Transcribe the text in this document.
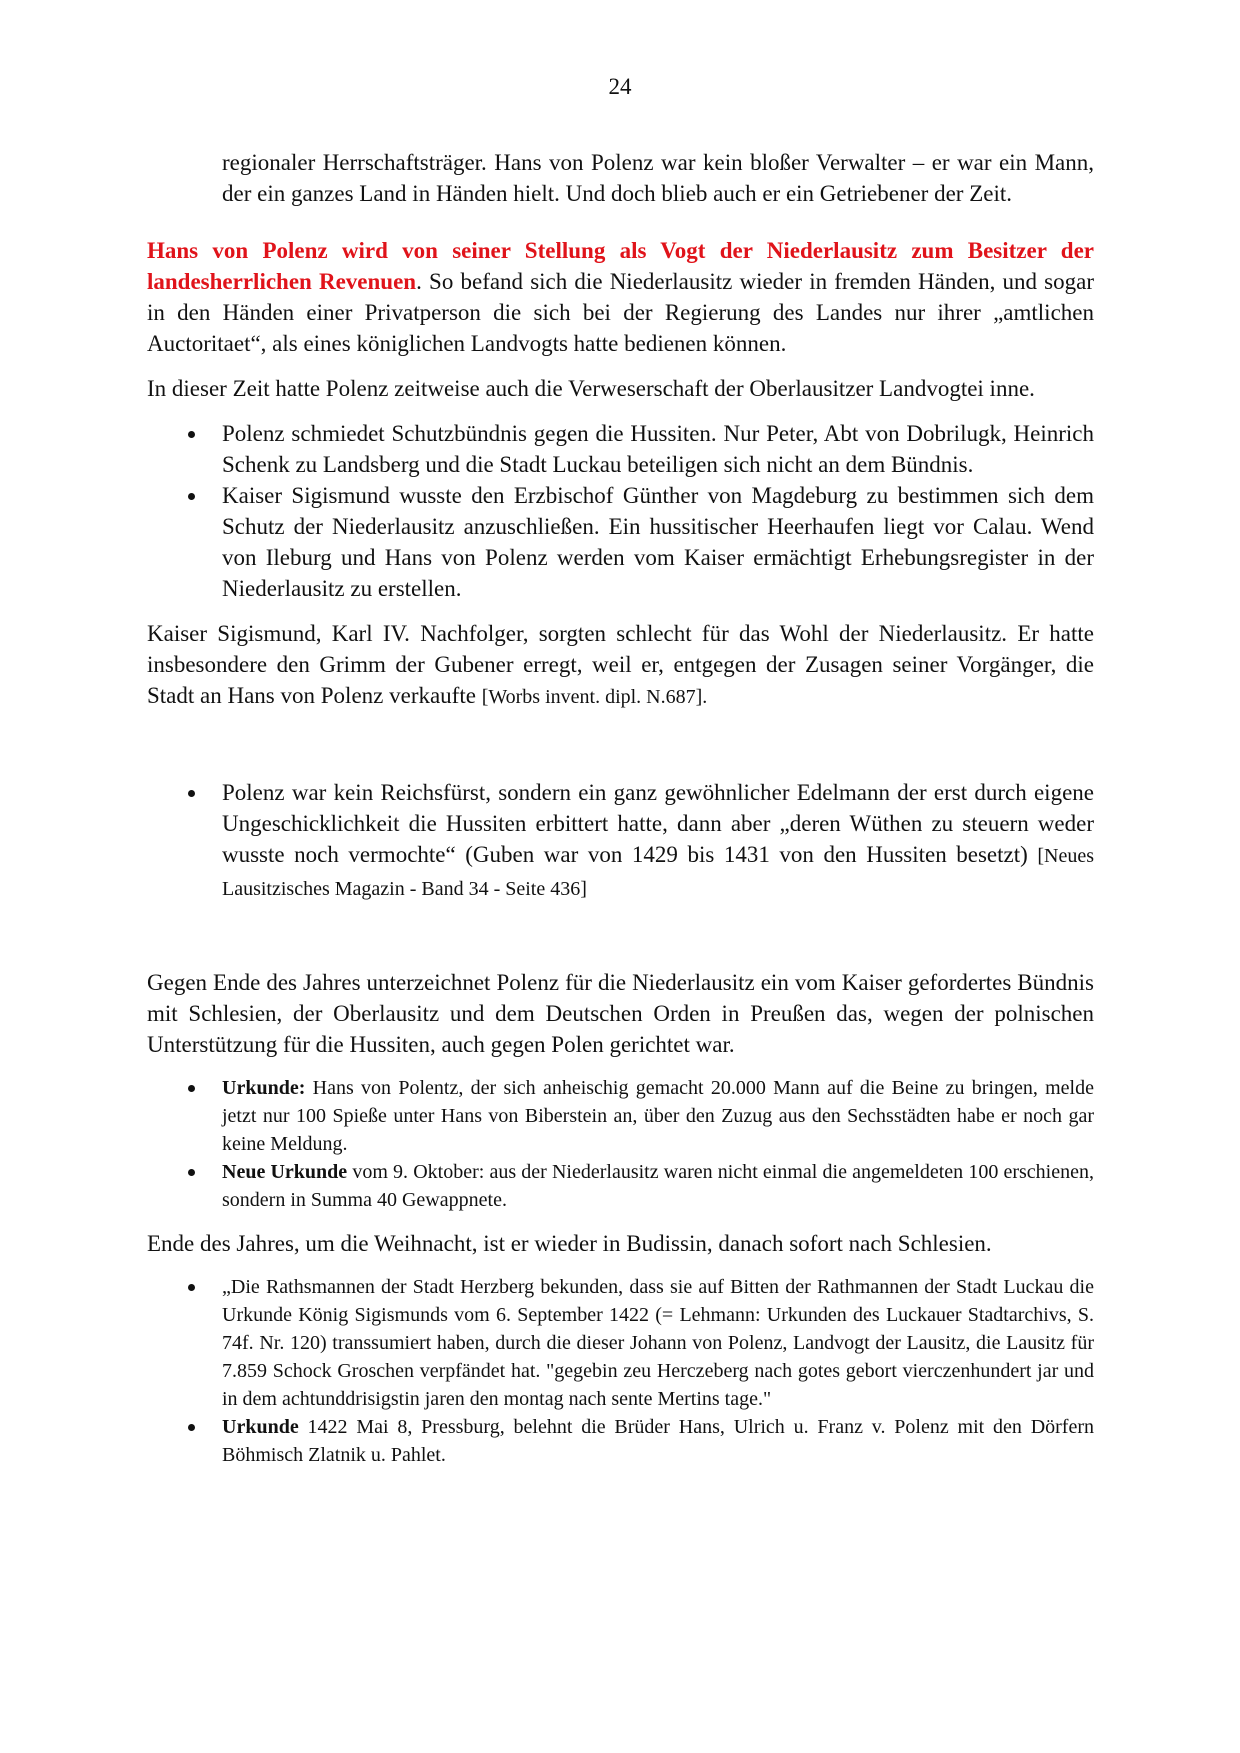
24

regionaler Herrschaftsträger. Hans von Polenz war kein bloßer Verwalter – er war ein Mann, der ein ganzes Land in Händen hielt. Und doch blieb auch er ein Getriebener der Zeit.

Hans von Polenz wird von seiner Stellung als Vogt der Niederlausitz zum Besitzer der landesherrlichen Revenuen. So befand sich die Niederlausitz wieder in fremden Händen, und sogar in den Händen einer Privatperson die sich bei der Regierung des Landes nur ihrer „amtlichen Auctoritaet“, als eines königlichen Landvogts hatte bedienen können.

In dieser Zeit hatte Polenz zeitweise auch die Verweserschaft der Oberlausitzer Landvogtei inne.

Polenz schmiedet Schutzbündnis gegen die Hussiten. Nur Peter, Abt von Dobrilugk, Heinrich Schenk zu Landsberg und die Stadt Luckau beteiligen sich nicht an dem Bündnis.
Kaiser Sigismund wusste den Erzbischof Günther von Magdeburg zu bestimmen sich dem Schutz der Niederlausitz anzuschließen. Ein hussitischer Heerhaufen liegt vor Calau. Wend von Ileburg und Hans von Polenz werden vom Kaiser ermächtigt Erhebungsregister in der Niederlausitz zu erstellen.

Kaiser Sigismund, Karl IV. Nachfolger, sorgten schlecht für das Wohl der Niederlausitz. Er hatte insbesondere den Grimm der Gubener erregt, weil er, entgegen der Zusagen seiner Vorgänger, die Stadt an Hans von Polenz verkaufte [Worbs invent. dipl. N.687].

Polenz war kein Reichsfürst, sondern ein ganz gewöhnlicher Edelmann der erst durch eigene Ungeschicklichkeit die Hussiten erbittert hatte, dann aber „deren Wüthen zu steuern weder wusste noch vermochte“ (Guben war von 1429 bis 1431 von den Hussiten besetzt) [Neues Lausitzisches Magazin - Band 34 - Seite 436]

Gegen Ende des Jahres unterzeichnet Polenz für die Niederlausitz ein vom Kaiser gefordertes Bündnis mit Schlesien, der Oberlausitz und dem Deutschen Orden in Preußen das, wegen der polnischen Unterstützung für die Hussiten, auch gegen Polen gerichtet war.

Urkunde: Hans von Polentz, der sich anheischig gemacht 20.000 Mann auf die Beine zu bringen, melde jetzt nur 100 Spieße unter Hans von Biberstein an, über den Zuzug aus den Sechsstädten habe er noch gar keine Meldung.
Neue Urkunde vom 9. Oktober: aus der Niederlausitz waren nicht einmal die angemeldeten 100 erschienen, sondern in Summa 40 Gewappnete.

Ende des Jahres, um die Weihnacht, ist er wieder in Budissin, danach sofort nach Schlesien.

„Die Rathsmannen der Stadt Herzberg bekunden, dass sie auf Bitten der Rathmannen der Stadt Luckau die Urkunde König Sigismunds vom 6. September 1422 (= Lehmann: Urkunden des Luckauer Stadtarchivs, S. 74f. Nr. 120) transsumiert haben, durch die dieser Johann von Polenz, Landvogt der Lausitz, die Lausitz für 7.859 Schock Groschen verpfändet hat. "gegebin zeu Herczeberg nach gotes gebort vierczenhundert jar und in dem achtunddrisigstin jaren den montag nach sente Mertins tage."
Urkunde 1422 Mai 8, Pressburg, belehnt die Brüder Hans, Ulrich u. Franz v. Polenz mit den Dörfern Böhmisch Zlatnik u. Pahlet.
